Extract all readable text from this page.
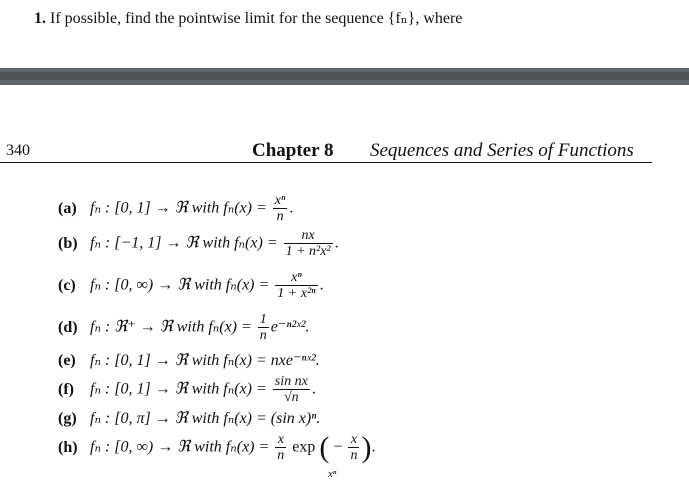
1. If possible, find the pointwise limit for the sequence {fₙ}, where
340	Chapter 8 Sequences and Series of Functions
(a) fₙ : [0, 1] → ℜ with $f_n(x) = \frac{\text{xⁿ}}{n}$ .
(b) fₙ : [−1, 1] → ℜ with $f_n(x) = \frac{nx}{\text{1 + n²x²}}$ .
(c) fₙ : [0, ∞) → ℜ with $f_n(x) = \frac{\text{xⁿ}}{\text{1 + x²ⁿ}}$ .
(d) fₙ : ℜ⁺ → ℜ with $f_n(x) = \frac{1}{n}$ e⁻ⁿ²ˣ².
(e) fₙ : [0, 1] → ℜ with fₙ(x) = nxe⁻ⁿˣ².
(f) fₙ : [0, 1] → ℜ with $f_n(x) = \frac{\text{sin nx}}{√n}$ .
(g) fₙ : [0, π] → ℜ with fₙ(x) = (sin x)ⁿ.
(h) fₙ : [0, ∞) → ℜ with $f_n(x) = \frac{x}{n}$ exp ( − $\frac{x}{n}$ ).
xⁿ
